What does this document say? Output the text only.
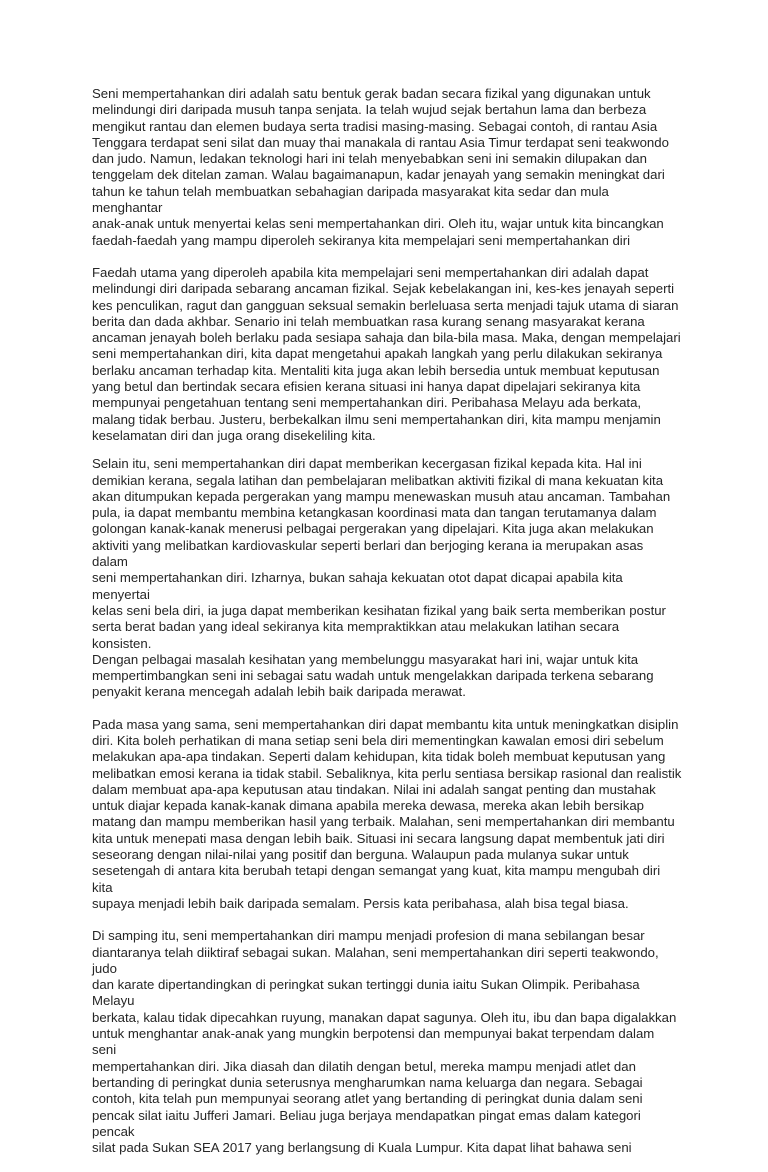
Seni mempertahankan diri adalah satu bentuk gerak badan secara fizikal yang digunakan untuk
melindungi diri daripada musuh tanpa senjata. Ia telah wujud sejak bertahun lama dan berbeza
mengikut rantau dan elemen budaya serta tradisi masing-masing. Sebagai contoh, di rantau Asia
Tenggara terdapat seni silat dan muay thai manakala di rantau Asia Timur terdapat seni teakwondo
dan judo. Namun, ledakan teknologi hari ini telah menyebabkan seni ini semakin dilupakan dan
tenggelam dek ditelan zaman. Walau bagaimanapun, kadar jenayah yang semakin meningkat dari
tahun ke tahun telah membuatkan sebahagian daripada masyarakat kita sedar dan mula menghantar
anak-anak untuk menyertai kelas seni mempertahankan diri. Oleh itu, wajar untuk kita bincangkan
faedah-faedah yang mampu diperoleh sekiranya kita mempelajari seni mempertahankan diri

Faedah utama yang diperoleh apabila kita mempelajari seni mempertahankan diri adalah dapat
melindungi diri daripada sebarang ancaman fizikal. Sejak kebelakangan ini, kes-kes jenayah seperti
kes penculikan, ragut dan gangguan seksual semakin berleluasa serta menjadi tajuk utama di siaran
berita dan dada akhbar. Senario ini telah membuatkan rasa kurang senang masyarakat kerana
ancaman jenayah boleh berlaku pada sesiapa sahaja dan bila-bila masa. Maka, dengan mempelajari
seni mempertahankan diri, kita dapat mengetahui apakah langkah yang perlu dilakukan sekiranya
berlaku ancaman terhadap kita. Mentaliti kita juga akan lebih bersedia untuk membuat keputusan
yang betul dan bertindak secara efisien kerana situasi ini hanya dapat dipelajari sekiranya kita
mempunyai pengetahuan tentang seni mempertahankan diri. Peribahasa Melayu ada berkata,
malang tidak berbau. Justeru, berbekalkan ilmu seni mempertahankan diri, kita mampu menjamin
keselamatan diri dan juga orang disekeliling kita.

Selain itu, seni mempertahankan diri dapat memberikan kecergasan fizikal kepada kita. Hal ini
demikian kerana, segala latihan dan pembelajaran melibatkan aktiviti fizikal di mana kekuatan kita
akan ditumpukan kepada pergerakan yang mampu menewaskan musuh atau ancaman. Tambahan
pula, ia dapat membantu membina ketangkasan koordinasi mata dan tangan terutamanya dalam
golongan kanak-kanak menerusi pelbagai pergerakan yang dipelajari. Kita juga akan melakukan
aktiviti yang melibatkan kardiovaskular seperti berlari dan berjoging kerana ia merupakan asas dalam
seni mempertahankan diri. Izharnya, bukan sahaja kekuatan otot dapat dicapai apabila kita menyertai
kelas seni bela diri, ia juga dapat memberikan kesihatan fizikal yang baik serta memberikan postur
serta berat badan yang ideal sekiranya kita mempraktikkan atau melakukan latihan secara konsisten.
Dengan pelbagai masalah kesihatan yang membelunggu masyarakat hari ini, wajar untuk kita
mempertimbangkan seni ini sebagai satu wadah untuk mengelakkan daripada terkena sebarang
penyakit kerana mencegah adalah lebih baik daripada merawat.

Pada masa yang sama, seni mempertahankan diri dapat membantu kita untuk meningkatkan disiplin
diri. Kita boleh perhatikan di mana setiap seni bela diri mementingkan kawalan emosi diri sebelum
melakukan apa-apa tindakan. Seperti dalam kehidupan, kita tidak boleh membuat keputusan yang
melibatkan emosi kerana ia tidak stabil. Sebaliknya, kita perlu sentiasa bersikap rasional dan realistik
dalam membuat apa-apa keputusan atau tindakan. Nilai ini adalah sangat penting dan mustahak
untuk diajar kepada kanak-kanak dimana apabila mereka dewasa, mereka akan lebih bersikap
matang dan mampu memberikan hasil yang terbaik. Malahan, seni mempertahankan diri membantu
kita untuk menepati masa dengan lebih baik. Situasi ini secara langsung dapat membentuk jati diri
seseorang dengan nilai-nilai yang positif dan berguna. Walaupun pada mulanya sukar untuk
sesetengah di antara kita berubah tetapi dengan semangat yang kuat, kita mampu mengubah diri kita
supaya menjadi lebih baik daripada semalam. Persis kata peribahasa, alah bisa tegal biasa.

Di samping itu, seni mempertahankan diri mampu menjadi profesion di mana sebilangan besar
diantaranya telah diiktiraf sebagai sukan. Malahan, seni mempertahankan diri seperti teakwondo, judo
dan karate dipertandingkan di peringkat sukan tertinggi dunia iaitu Sukan Olimpik. Peribahasa Melayu
berkata, kalau tidak dipecahkan ruyung, manakan dapat sagunya. Oleh itu, ibu dan bapa digalakkan
untuk menghantar anak-anak yang mungkin berpotensi dan mempunyai bakat terpendam dalam seni
mempertahankan diri. Jika diasah dan dilatih dengan betul, mereka mampu menjadi atlet dan
bertanding di peringkat dunia seterusnya mengharumkan nama keluarga dan negara. Sebagai
contoh, kita telah pun mempunyai seorang atlet yang bertanding di peringkat dunia dalam seni
pencak silat iaitu Jufferi Jamari. Beliau juga berjaya mendapatkan pingat emas dalam kategori pencak
silat pada Sukan SEA 2017 yang berlangsung di Kuala Lumpur. Kita dapat lihat bahawa seni
